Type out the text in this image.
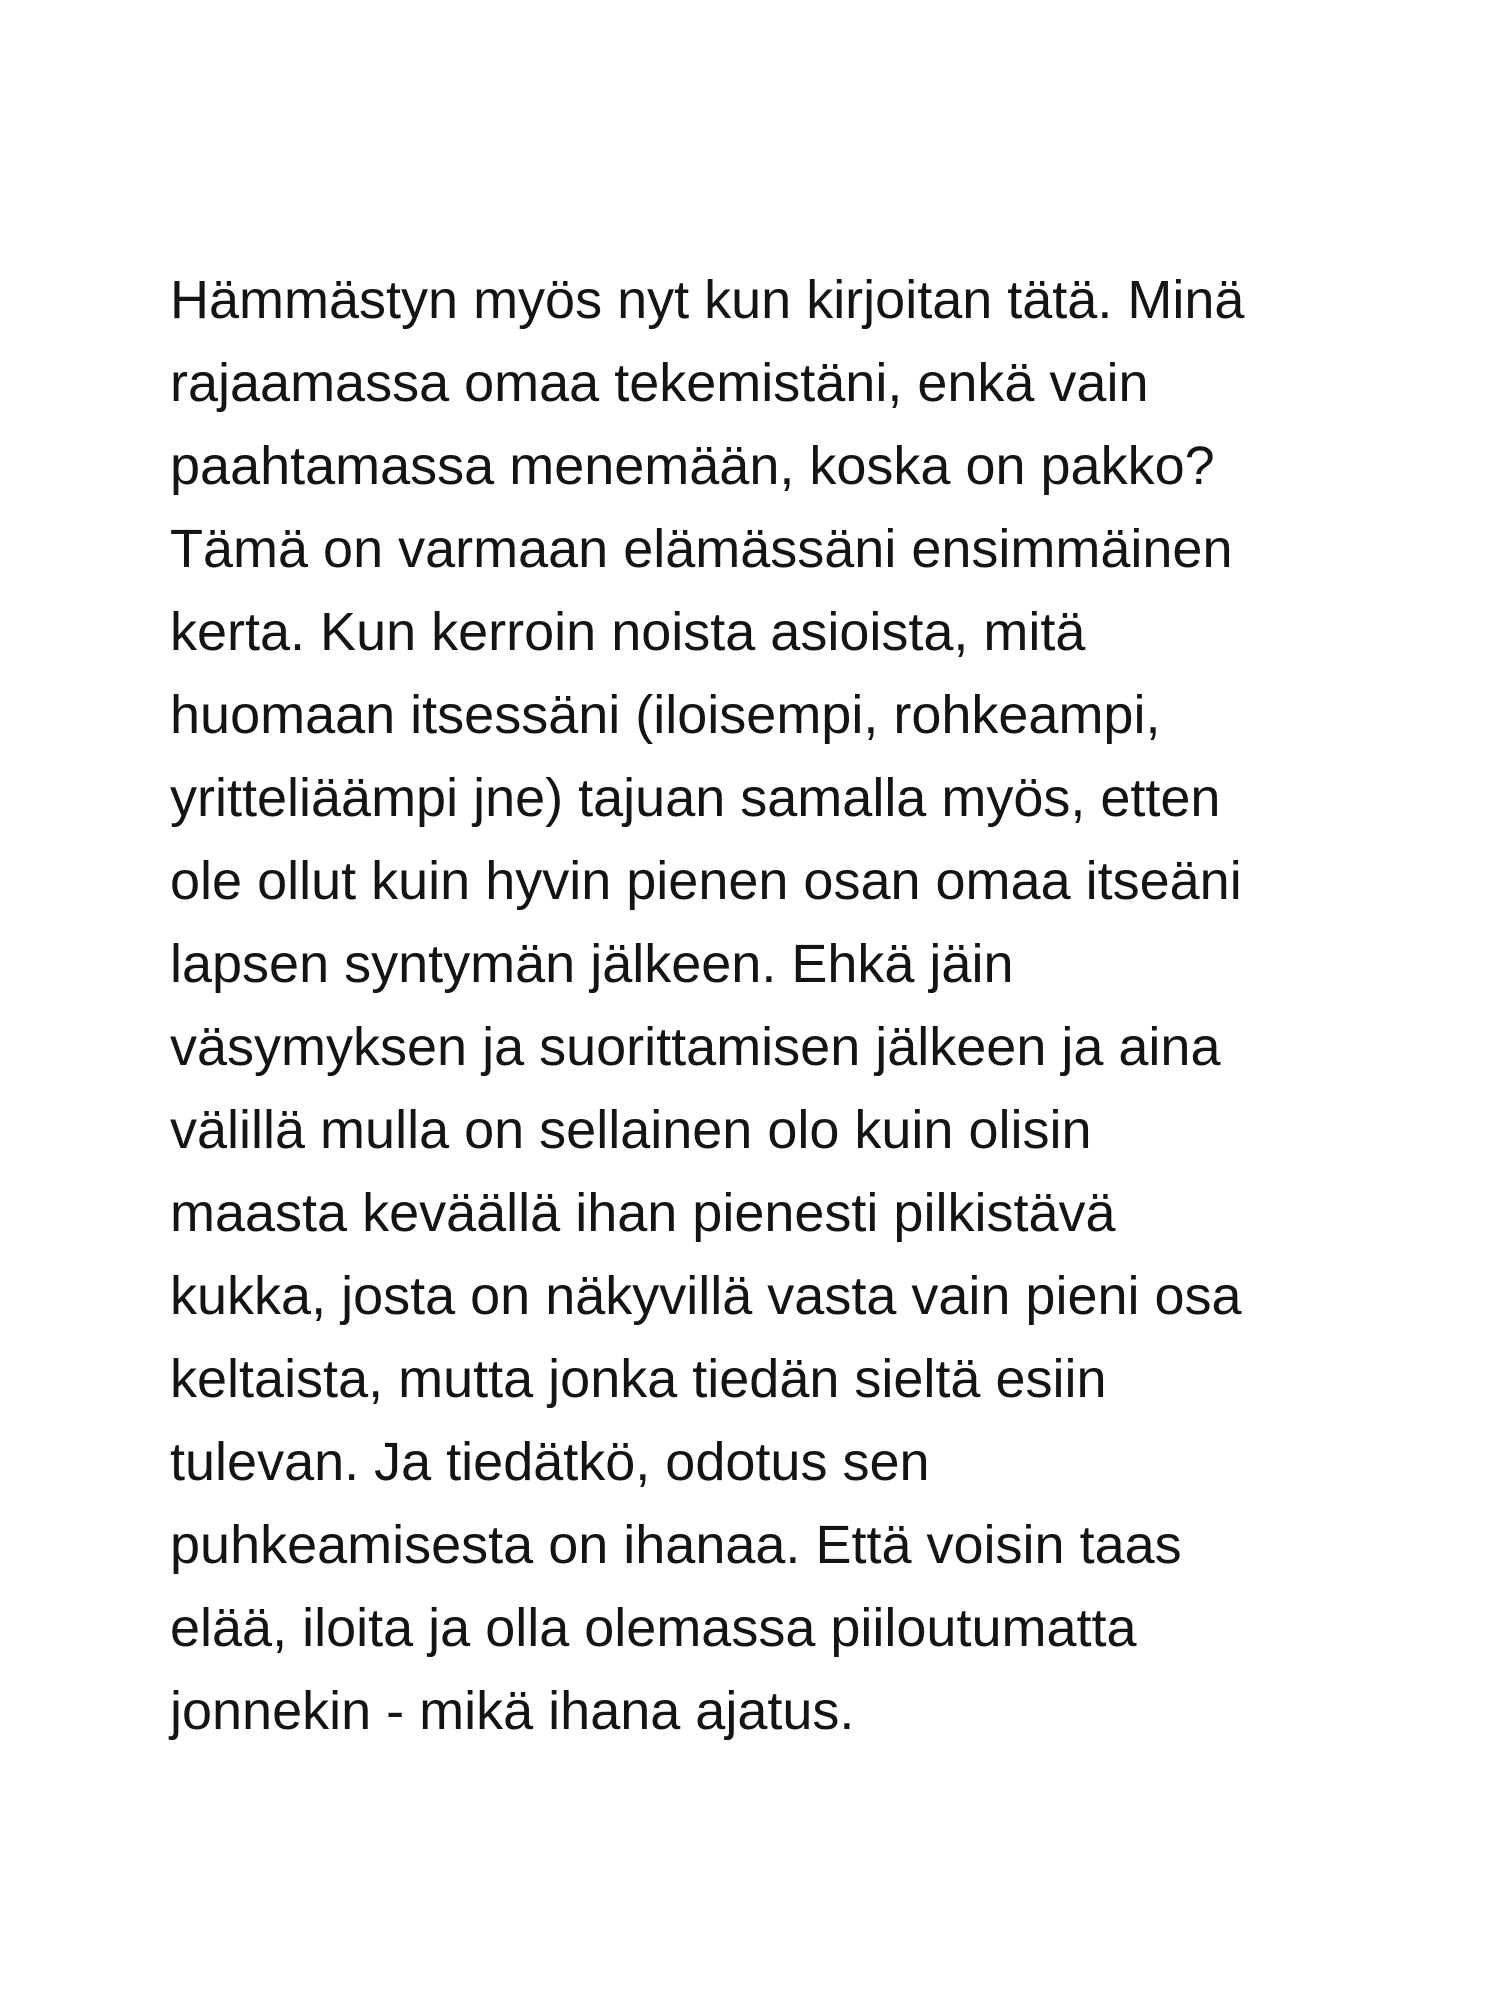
Hämmästyn myös nyt kun kirjoitan tätä. Minä
rajaamassa omaa tekemistäni, enkä vain
paahtamassa menemään, koska on pakko?
Tämä on varmaan elämässäni ensimmäinen
kerta. Kun kerroin noista asioista, mitä
huomaan itsessäni (iloisempi, rohkeampi,
yritteliäämpi jne) tajuan samalla myös, etten
ole ollut kuin hyvin pienen osan omaa itseäni
lapsen syntymän jälkeen. Ehkä jäin
väsymyksen ja suorittamisen jälkeen ja aina
välillä mulla on sellainen olo kuin olisin
maasta keväällä ihan pienesti pilkistävä
kukka, josta on näkyvillä vasta vain pieni osa
keltaista, mutta jonka tiedän sieltä esiin
tulevan. Ja tiedätkö, odotus sen
puhkeamisesta on ihanaa. Että voisin taas
elää, iloita ja olla olemassa piiloutumatta
jonnekin - mikä ihana ajatus.
